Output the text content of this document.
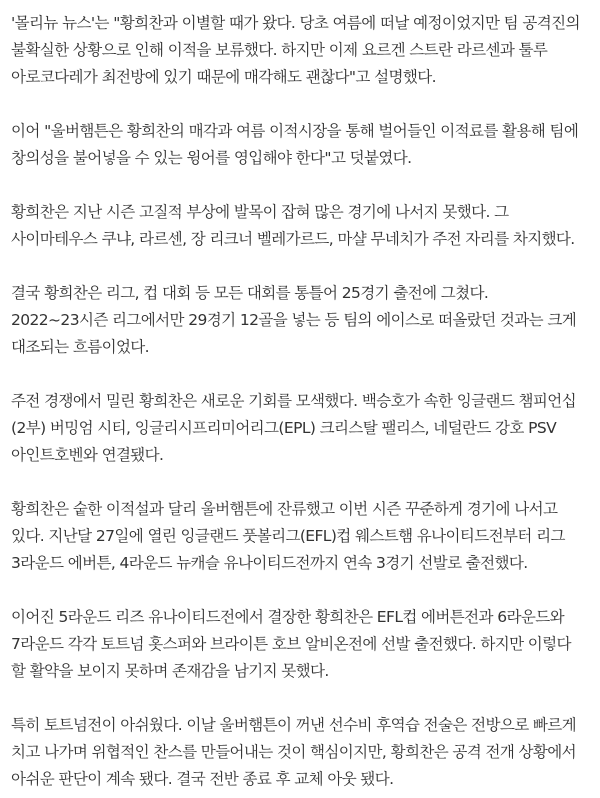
'몰리뉴 뉴스'는 "황희찬과 이별할 때가 왔다. 당초 여름에 떠날 예정이었지만 팀 공격진의 불확실한 상황으로 인해 이적을 보류했다. 하지만 이제 요르겐 스트란 라르센과 툴루 아로코다레가 최전방에 있기 때문에 매각해도 괜찮다"고 설명했다.

이어 "울버햄튼은 황희찬의 매각과 여름 이적시장을 통해 벌어들인 이적료를 활용해 팀에 창의성을 불어넣을 수 있는 윙어를 영입해야 한다"고 덧붙였다.

황희찬은 지난 시즌 고질적 부상에 발목이 잡혀 많은 경기에 나서지 못했다. 그 사이마테우스 쿠냐, 라르센, 장 리크너 벨레가르드, 마샬 무네치가 주전 자리를 차지했다.

결국 황희찬은 리그, 컵 대회 등 모든 대회를 통틀어 25경기 출전에 그쳤다. 2022~23시즌 리그에서만 29경기 12골을 넣는 등 팀의 에이스로 떠올랐던 것과는 크게 대조되는 흐름이었다.

주전 경쟁에서 밀린 황희찬은 새로운 기회를 모색했다. 백승호가 속한 잉글랜드 챔피언십(2부) 버밍엄 시티, 잉글리시프리미어리그(EPL) 크리스탈 팰리스, 네덜란드 강호 PSV 아인트호벤와 연결됐다.

황희찬은 숱한 이적설과 달리 울버햄튼에 잔류했고 이번 시즌 꾸준하게 경기에 나서고 있다. 지난달 27일에 열린 잉글랜드 풋볼리그(EFL)컵 웨스트햄 유나이티드전부터 리그 3라운드 에버튼, 4라운드 뉴캐슬 유나이티드전까지 연속 3경기 선발로 출전했다.

이어진 5라운드 리즈 유나이티드전에서 결장한 황희찬은 EFL컵 에버튼전과 6라운드와 7라운드 각각 토트넘 홋스퍼와 브라이튼 호브 알비온전에 선발 출전했다. 하지만 이렇다 할 활약을 보이지 못하며 존재감을 남기지 못했다.

특히 토트넘전이 아쉬웠다. 이날 울버햄튼이 꺼낸 선수비 후역습 전술은 전방으로 빠르게 치고 나가며 위협적인 찬스를 만들어내는 것이 핵심이지만, 황희찬은 공격 전개 상황에서 아쉬운 판단이 계속 됐다. 결국 전반 종료 후 교체 아웃 됐다.
